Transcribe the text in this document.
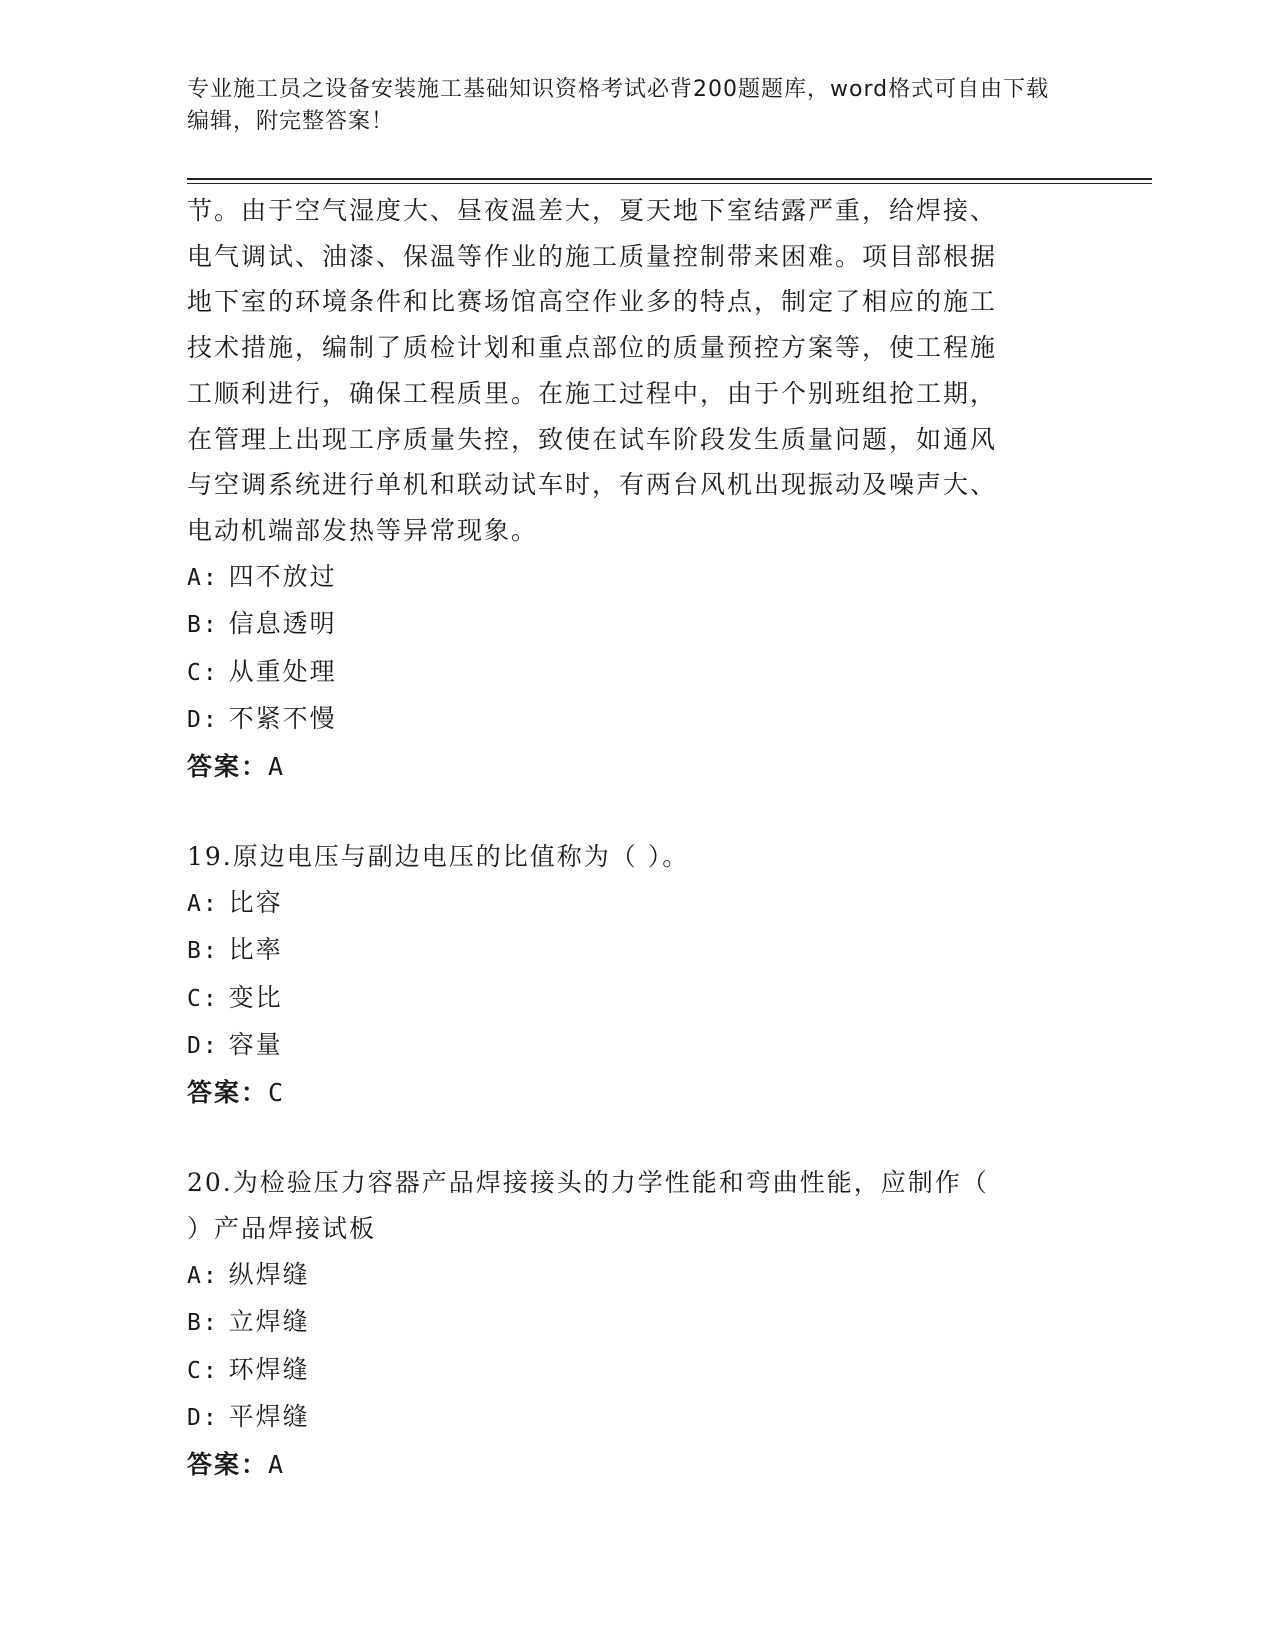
专业施工员之设备安装施工基础知识资格考试必背200题题库，word格式可自由下载编辑，附完整答案！

节。由于空气湿度大、昼夜温差大，夏天地下室结露严重，给焊接、

电气调试、油漆、保温等作业的施工质量控制带来困难。项目部根据

地下室的环境条件和比赛场馆高空作业多的特点，制定了相应的施工

技术措施，编制了质检计划和重点部位的质量预控方案等，使工程施

工顺利进行，确保工程质里。在施工过程中，由于个别班组抢工期，

在管理上出现工序质量失控，致使在试车阶段发生质量问题，如通风

与空调系统进行单机和联动试车时，有两台风机出现振动及噪声大、

电动机端部发热等异常现象。

A: 四不放过

B: 信息透明

C: 从重处理

D: 不紧不慢

答案：A

19.原边电压与副边电压的比值称为（ ）。

A: 比容

B: 比率

C: 变比

D: 容量

答案：C

20.为检验压力容器产品焊接接头的力学性能和弯曲性能，应制作（

）产品焊接试板

A: 纵焊缝

B: 立焊缝

C: 环焊缝

D: 平焊缝

答案：A
